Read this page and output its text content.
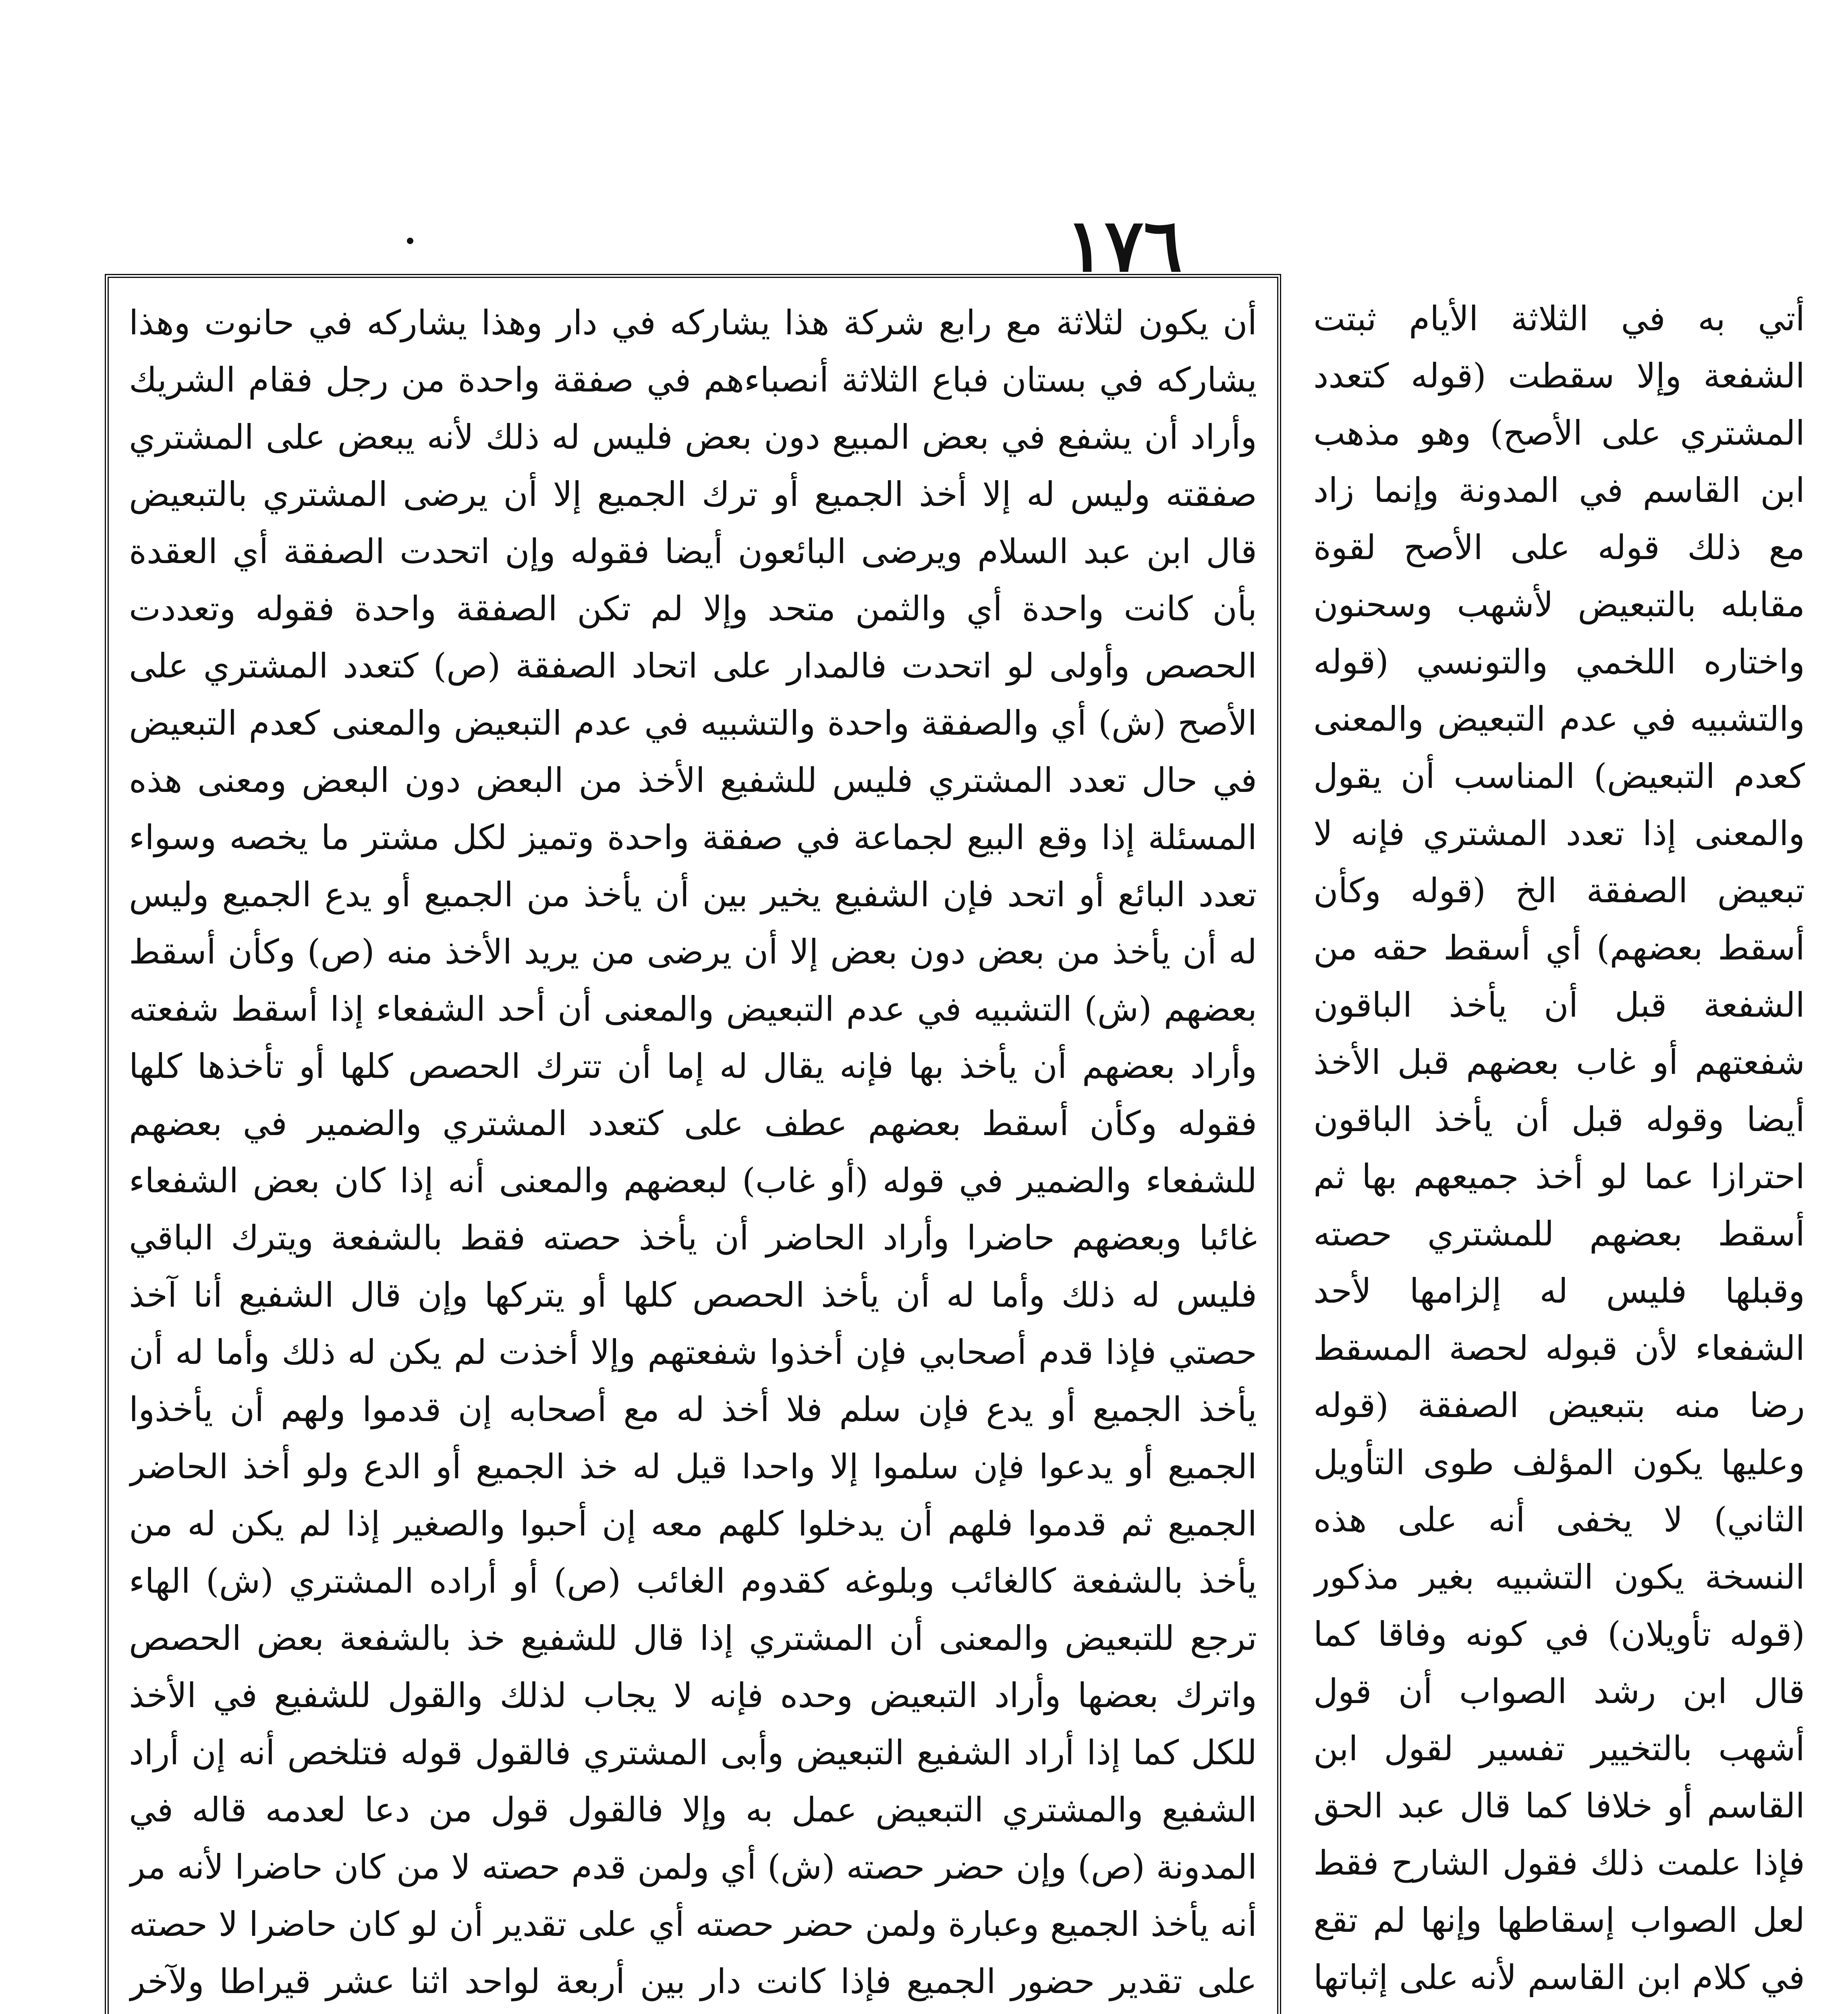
١٧٦

أن يكون لثلاثة مع رابع شركة هذا يشاركه في دار وهذا يشاركه في حانوت وهذا يشاركه في بستان فباع الثلاثة أنصباءهم في صفقة واحدة من رجل فقام الشريك وأراد أن يشفع في بعض المبيع دون بعض فليس له ذلك لأنه يبعض على المشتري صفقته وليس له إلا أخذ الجميع أو ترك الجميع إلا أن يرضى المشتري بالتبعيض قال ابن عبد السلام ويرضى البائعون أيضا فقوله وإن اتحدت الصفقة أي العقدة بأن كانت واحدة أي والثمن متحد وإلا لم تكن الصفقة واحدة فقوله وتعددت الحصص وأولى لو اتحدت فالمدار على اتحاد الصفقة (ص) كتعدد المشتري على الأصح (ش) أي والصفقة واحدة والتشبيه في عدم التبعيض والمعنى كعدم التبعيض في حال تعدد المشتري فليس للشفيع الأخذ من البعض دون البعض ومعنى هذه المسئلة إذا وقع البيع لجماعة في صفقة واحدة وتميز لكل مشتر ما يخصه وسواء تعدد البائع أو اتحد فإن الشفيع يخير بين أن يأخذ من الجميع أو يدع الجميع وليس له أن يأخذ من بعض دون بعض إلا أن يرضى من يريد الأخذ منه (ص) وكأن أسقط بعضهم (ش) التشبيه في عدم التبعيض والمعنى أن أحد الشفعاء إذا أسقط شفعته وأراد بعضهم أن يأخذ بها فإنه يقال له إما أن تترك الحصص كلها أو تأخذها كلها فقوله وكأن أسقط بعضهم عطف على كتعدد المشتري والضمير في بعضهم للشفعاء والضمير في قوله (أو غاب) لبعضهم والمعنى أنه إذا كان بعض الشفعاء غائبا وبعضهم حاضرا وأراد الحاضر أن يأخذ حصته فقط بالشفعة ويترك الباقي فليس له ذلك وأما له أن يأخذ الحصص كلها أو يتركها وإن قال الشفيع أنا آخذ حصتي فإذا قدم أصحابي فإن أخذوا شفعتهم وإلا أخذت لم يكن له ذلك وأما له أن يأخذ الجميع أو يدع فإن سلم فلا أخذ له مع أصحابه إن قدموا ولهم أن يأخذوا الجميع أو يدعوا فإن سلموا إلا واحدا قيل له خذ الجميع أو الدع ولو أخذ الحاضر الجميع ثم قدموا فلهم أن يدخلوا كلهم معه إن أحبوا والصغير إذا لم يكن له من يأخذ بالشفعة كالغائب وبلوغه كقدوم الغائب (ص) أو أراده المشتري (ش) الهاء ترجع للتبعيض والمعنى أن المشتري إذا قال للشفيع خذ بالشفعة بعض الحصص واترك بعضها وأراد التبعيض وحده فإنه لا يجاب لذلك والقول للشفيع في الأخذ للكل كما إذا أراد الشفيع التبعيض وأبى المشتري فالقول قوله فتلخص أنه إن أراد الشفيع والمشتري التبعيض عمل به وإلا فالقول قول من دعا لعدمه قاله في المدونة (ص) وإن حضر حصته (ش) أي ولمن قدم حصته لا من كان حاضرا لأنه مر أنه يأخذ الجميع وعبارة ولمن حضر حصته أي على تقدير أن لو كان حاضرا لا حصته على تقدير حضور الجميع فإذا كانت دار بين أربعة لواحد اثنا عشر قيراطا ولآخر

أتي به في الثلاثة الأيام ثبتت الشفعة وإلا سقطت (قوله كتعدد المشتري على الأصح) وهو مذهب ابن القاسم في المدونة وإنما زاد مع ذلك قوله على الأصح لقوة مقابله بالتبعيض لأشهب وسحنون واختاره اللخمي والتونسي (قوله والتشبيه في عدم التبعيض والمعنى كعدم التبعيض) المناسب أن يقول والمعنى إذا تعدد المشتري فإنه لا تبعيض الصفقة الخ (قوله وكأن أسقط بعضهم) أي أسقط حقه من الشفعة قبل أن يأخذ الباقون شفعتهم أو غاب بعضهم قبل الأخذ أيضا وقوله قبل أن يأخذ الباقون احترازا عما لو أخذ جميعهم بها ثم أسقط بعضهم للمشتري حصته وقبلها فليس له إلزامها لأحد الشفعاء لأن قبوله لحصة المسقط رضا منه بتبعيض الصفقة (قوله وعليها يكون المؤلف طوى التأويل الثاني) لا يخفى أنه على هذه النسخة يكون التشبيه بغير مذكور (قوله تأويلان) في كونه وفاقا كما قال ابن رشد الصواب أن قول أشهب بالتخيير تفسير لقول ابن القاسم أو خلافا كما قال عبد الحق فإذا علمت ذلك فقول الشارح فقط لعل الصواب إسقاطها وإنها لم تقع في كلام ابن القاسم لأنه على إثباتها
